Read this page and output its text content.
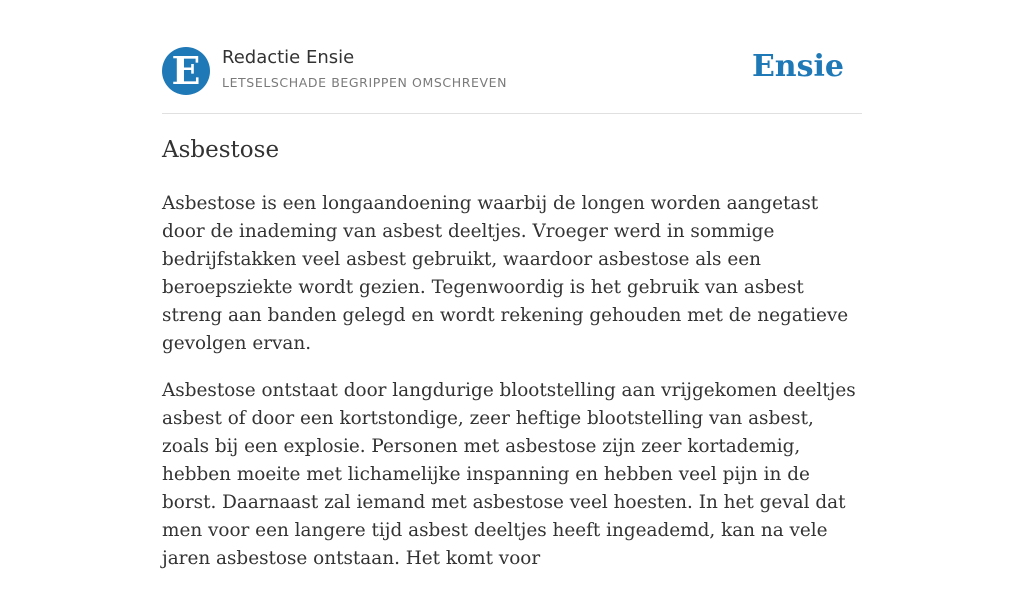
E	Redactie Ensie
LETSELSCHADE BEGRIPPEN OMSCHREVEN	Ensie
Asbestose

Asbestose is een longaandoening waarbij de longen worden aangetast door de inademing van asbest deeltjes. Vroeger werd in sommige bedrijfstakken veel asbest gebruikt, waardoor asbestose als een beroepsziekte wordt gezien. Tegenwoordig is het gebruik van asbest streng aan banden gelegd en wordt rekening gehouden met de negatieve gevolgen ervan.

Asbestose ontstaat door langdurige blootstelling aan vrijgekomen deeltjes asbest of door een kortstondige, zeer heftige blootstelling van asbest, zoals bij een explosie. Personen met asbestose zijn zeer kortademig, hebben moeite met lichamelijke inspanning en hebben veel pijn in de borst. Daarnaast zal iemand met asbestose veel hoesten. In het geval dat men voor een langere tijd asbest deeltjes heeft ingeademd, kan na vele jaren asbestose ontstaan. Het komt voor
